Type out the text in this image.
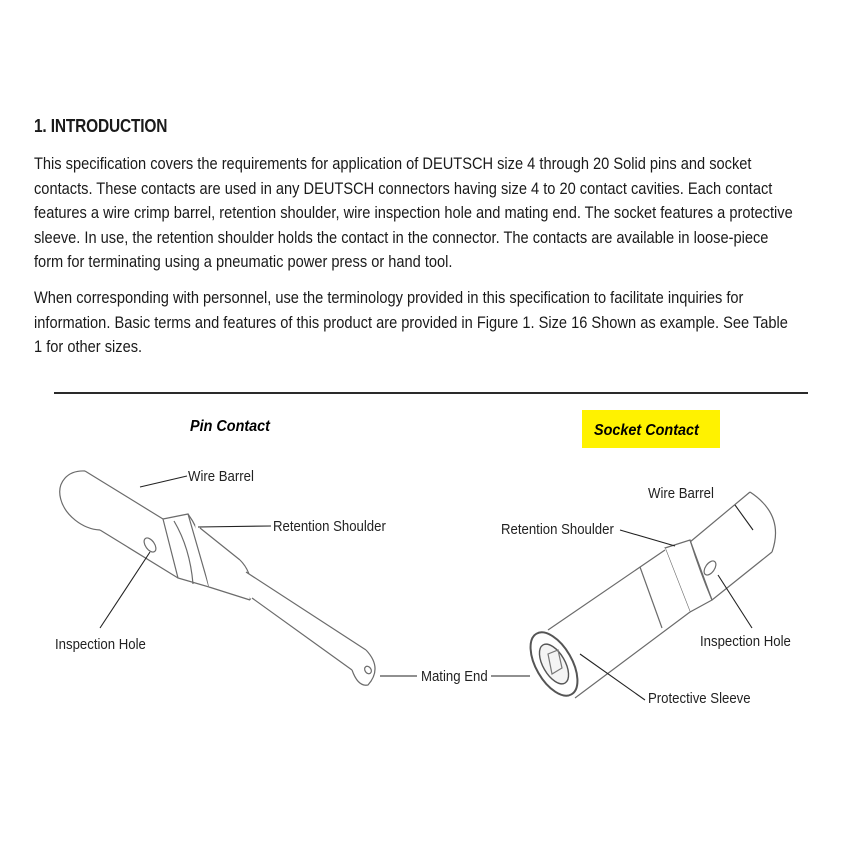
1. INTRODUCTION

This specification covers the requirements for application of DEUTSCH size 4 through 20 Solid pins and socket
contacts. These contacts are used in any DEUTSCH connectors having size 4 to 20 contact cavities. Each contact
features a wire crimp barrel, retention shoulder, wire inspection hole and mating end. The socket features a protective
sleeve. In use, the retention shoulder holds the contact in the connector. The contacts are available in loose-piece
form for terminating using a pneumatic power press or hand tool.

When corresponding with personnel, use the terminology provided in this specification to facilitate inquiries for
information. Basic terms and features of this product are provided in Figure 1. Size 16 Shown as example. See Table
1 for other sizes.

Pin Contact	Socket Contact
Wire Barrel
Retention Shoulder
Inspection Hole
Mating End
Wire Barrel
Retention Shoulder
Inspection Hole
Protective Sleeve
